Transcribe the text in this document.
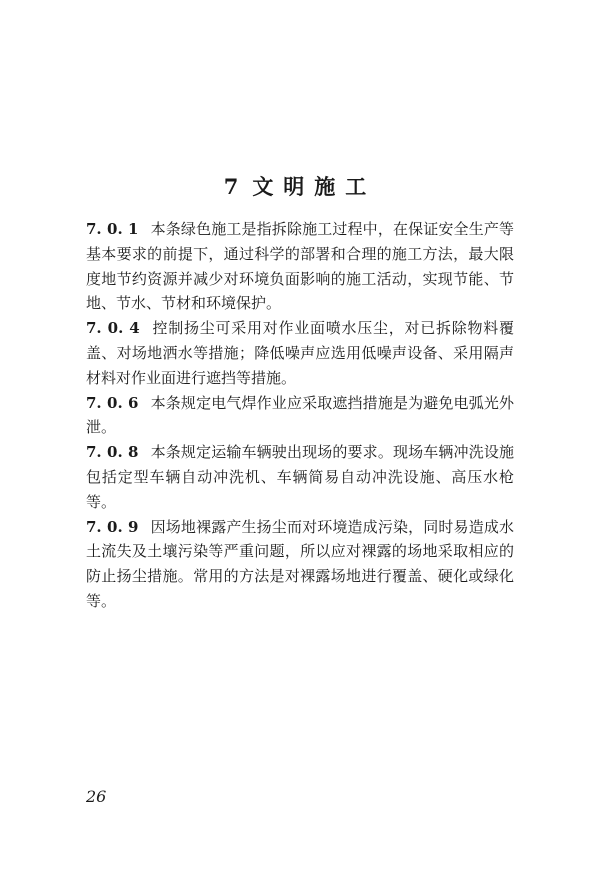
7 文明施工

7. 0. 1 本条绿色施工是指拆除施工过程中，在保证安全生产等基本要求的前提下，通过科学的部署和合理的施工方法，最大限度地节约资源并减少对环境负面影响的施工活动，实现节能、节地、节水、节材和环境保护。

7. 0. 4 控制扬尘可采用对作业面喷水压尘，对已拆除物料覆盖、对场地洒水等措施；降低噪声应选用低噪声设备、采用隔声材料对作业面进行遮挡等措施。

7. 0. 6 本条规定电气焊作业应采取遮挡措施是为避免电弧光外泄。

7. 0. 8 本条规定运输车辆驶出现场的要求。现场车辆冲洗设施包括定型车辆自动冲洗机、车辆简易自动冲洗设施、高压水枪等。

7. 0. 9 因场地裸露产生扬尘而对环境造成污染，同时易造成水土流失及土壤污染等严重问题，所以应对裸露的场地采取相应的防止扬尘措施。常用的方法是对裸露场地进行覆盖、硬化或绿化等。

26
